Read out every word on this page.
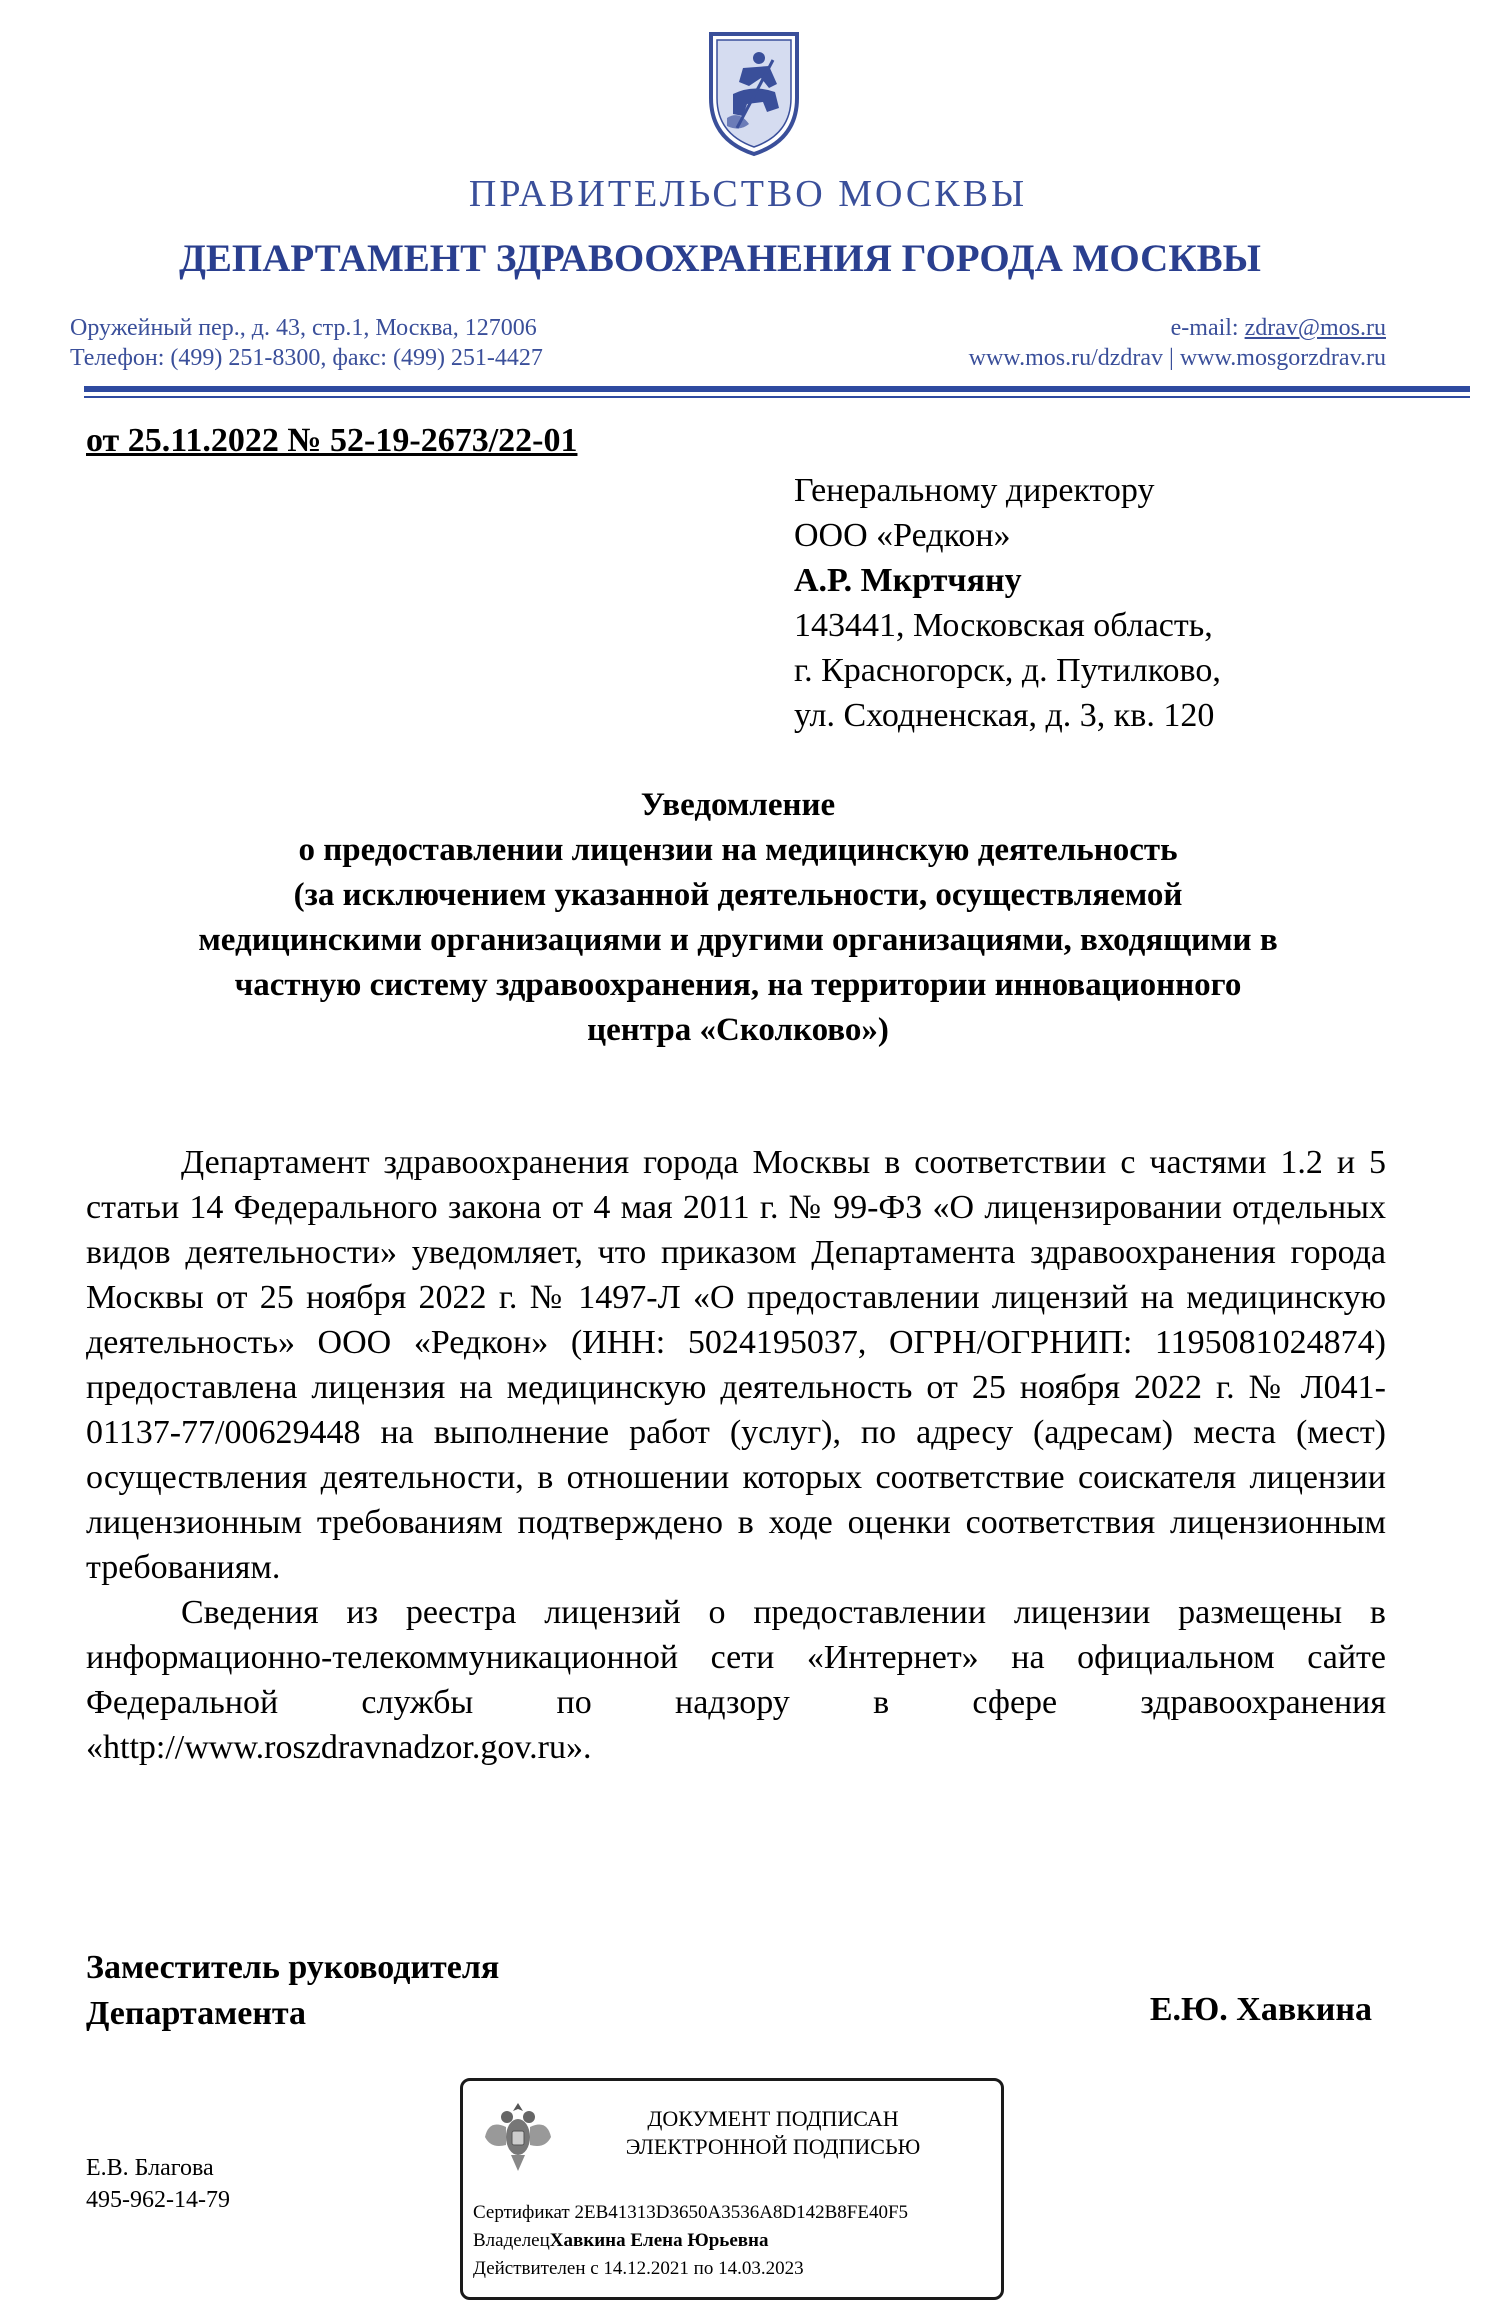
ПРАВИТЕЛЬСТВО МОСКВЫ
ДЕПАРТАМЕНТ ЗДРАВООХРАНЕНИЯ ГОРОДА МОСКВЫ
Оружейный пер., д. 43, стр.1, Москва, 127006
Телефон: (499) 251-8300, факс: (499) 251-4427
e-mail: zdrav@mos.ru
www.mos.ru/dzdrav | www.mosgorzdrav.ru
от 25.11.2022 № 52-19-2673/22-01
Генеральному директору
ООО «Редкон»
А.Р. Мкртчяну
143441, Московская область,
г. Красногорск, д. Путилково,
ул. Сходненская, д. 3, кв. 120
Уведомление
о предоставлении лицензии на медицинскую деятельность
(за исключением указанной деятельности, осуществляемой
медицинскими организациями и другими организациями, входящими в
частную систему здравоохранения, на территории инновационного
центра «Сколково»)

Департамент здравоохранения города Москвы в соответствии с частями 1.2 и 5 статьи 14 Федерального закона от 4 мая 2011 г. № 99-ФЗ «О лицензировании отдельных видов деятельности» уведомляет, что приказом Департамента здравоохранения города Москвы от 25 ноября 2022 г. № 1497-Л «О предоставлении лицензий на медицинскую деятельность» ООО «Редкон» (ИНН: 5024195037, ОГРН/ОГРНИП: 1195081024874) предоставлена лицензия на медицинскую деятельность от 25 ноября 2022 г. № Л041-01137-77/00629448 на выполнение работ (услуг), по адресу (адресам) места (мест) осуществления деятельности, в отношении которых соответствие соискателя лицензии лицензионным требованиям подтверждено в ходе оценки соответствия лицензионным требованиям.

Сведения из реестра лицензий о предоставлении лицензии размещены в информационно-телекоммуникационной сети «Интернет» на официальном сайте Федеральной службы по надзору в сфере здравоохранения «http://www.roszdravnadzor.gov.ru».

Заместитель руководителя
Департамента	Е.Ю. Хавкина
Е.В. Благова
495-962-14-79
ДОКУМЕНТ ПОДПИСАН
ЭЛЕКТРОННОЙ ПОДПИСЬЮ
Сертификат 2EB41313D3650A3536A8D142B8FE40F5
ВладелецХавкина Елена Юрьевна
Действителен с 14.12.2021 по 14.03.2023
